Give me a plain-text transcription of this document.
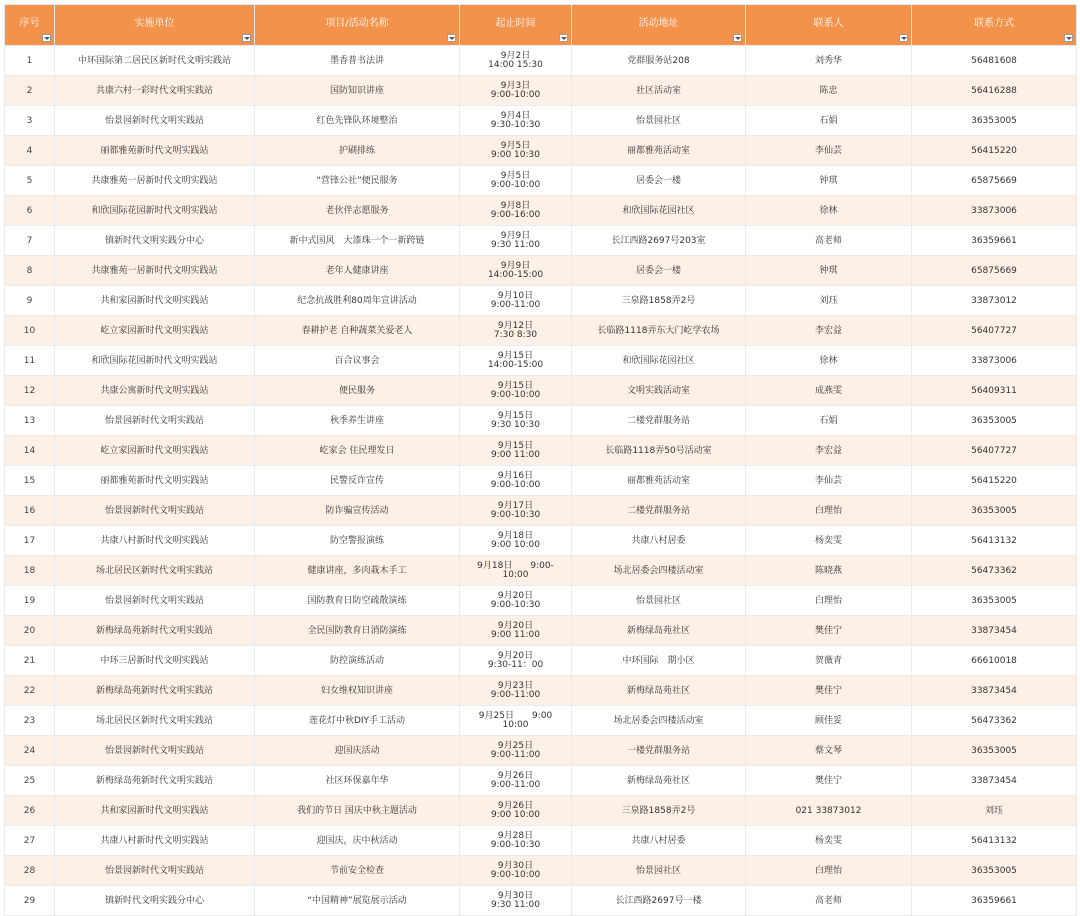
序号	实施单位	项目/活动名称	起止时间	活动地址	联系人	联系方式

1	中环国际第二居民区新时代文明实践站	墨香普书法讲	9月2日
14:00 15:30	党群服务站208	刘秀华	56481608
2	共康六村一彩时代文明实践站	国防知识讲座	9月3日
9:00-10:00	社区活动室	陈忠	56416288
3	怡景园新时代文明实践站	红色先锋队环境整治	9月4日
9:30-10:30	怡景园社区	石娟	36353005
4	丽都雅苑新时代文明实践站	护刷排练	9月5日
9:00 10:30	丽都雅苑活动室	李仙芸	56415220
5	共康雅苑一居新时代文明实践站	“营锋公社”便民服务	9月5日
9:00-10:00	居委会一楼	钟琪	65875669
6	和欣国际花园新时代文明实践站	老伙伴志愿服务	9月8日
9:00-16:00	和欣国际花园社区	徐林	33873006
7	镇新时代文明实践分中心	新中式国风　大漆珠一个一新跨链	9月9日
9:30 11:00	长江西路2697号203室	高老师	36359661
8	共康雅苑一居新时代文明实践站	老年人健康讲座	9月9日
14:00-15:00	居委会一楼	钟琪	65875669
9	共和家园新时代文明实践站	纪念抗战胜利80周年宣讲活动	9月10日
9:00-11:00	三泉路1858弄2号	刘珏	33873012
10	屹立家园新时代文明实践站	春耕护老 自种蔬菜关爱老人	9月12日
7:30 8:30	长临路1118弄东大门屹学农场	李宏益	56407727
11	和欣国际花园新时代文明实践站	百合议事会	9月15日
14:00-15:00	和欣国际花园社区	徐林	33873006
12	共康公寓新时代文明实践站	便民服务	9月15日
9:00-10:00	文明实践活动室	成燕雯	56409311
13	怡景园新时代文明实践站	秋季养生讲座	9月15日
9:30 10:30	二楼党群服务站	石娟	36353005
14	屹立家园新时代文明实践站	屹家会 住民理发日	9月15日
9:00 11:00	长临路1118弄50号活动室	李宏益	56407727
15	丽都雅苑新时代文明实践站	民警反诈宣传	9月16日
9:00-10:00	丽都雅苑活动室	李仙芸	56415220
16	怡景园新时代文明实践站	防诈骗宣传活动	9月17日
9:00-10:30	二楼党群服务站	白理怡	36353005
17	共康八村新时代文明实践站	防空警报演练	9月18日
9:00 10:00	共康八村居委	杨奕雯	56413132
18	场北居民区新时代文明实践站	健康讲座，多肉栽木手工	9月18日　　9:00-
10:00	场北居委会四楼活动室	陈晓燕	56473362
19	怡景园新时代文明实践站	国防教育日防空疏散演练	9月20日
9:00-10:30	怡景园社区	白理怡	36353005
20	新梅绿岛苑新时代文明实践站	全民国防教育日消防演练	9月20日
9:00 11:00	新梅绿岛苑社区	樊佳宁	33873454
21	中环三居新时代文明实践站	防控演练活动	9月20日
9:30-11：00	中环国际　期小区	贺薇青	66610018
22	新梅绿岛苑新时代文明实践站	妇女维权知识讲座	9月23日
9:00-11:00	新梅绿岛苑社区	樊佳宁	33873454
23	场北居民区新时代文明实践站	莲花灯中秋DIY手工活动	9月25日　　9:00
10:00	场北居委会四楼活动室	顾佳妥	56473362
24	怡景园新时代文明实践站	迎国庆活动	9月25日
9:00-11:00	一楼党群服务站	蔡文琴	36353005
25	新梅绿岛苑新时代文明实践站	社区环保嘉年华	9月26日
9:00-11:00	新梅绿岛苑社区	樊佳宁	33873454
26	共和家园新时代文明实践站	我们的节日 国庆中秋主题活动	9月26日
9:00 10:00	三泉路1858弄2号	021 33873012	刘珏
27	共康八村新时代文明实践站	迎国庆，庆中秋活动	9月28日
9:00-10:30	共康八村居委	杨奕雯	56413132
28	怡景园新时代文明实践站	节前安全检查	9月30日
9:00-10:00	怡景园社区	白理怡	36353005
29	镇新时代文明实践分中心	“中国精神”展览展示活动	9月30日
9:30 11:00	长江西路2697号一楼	高老师	36359661
